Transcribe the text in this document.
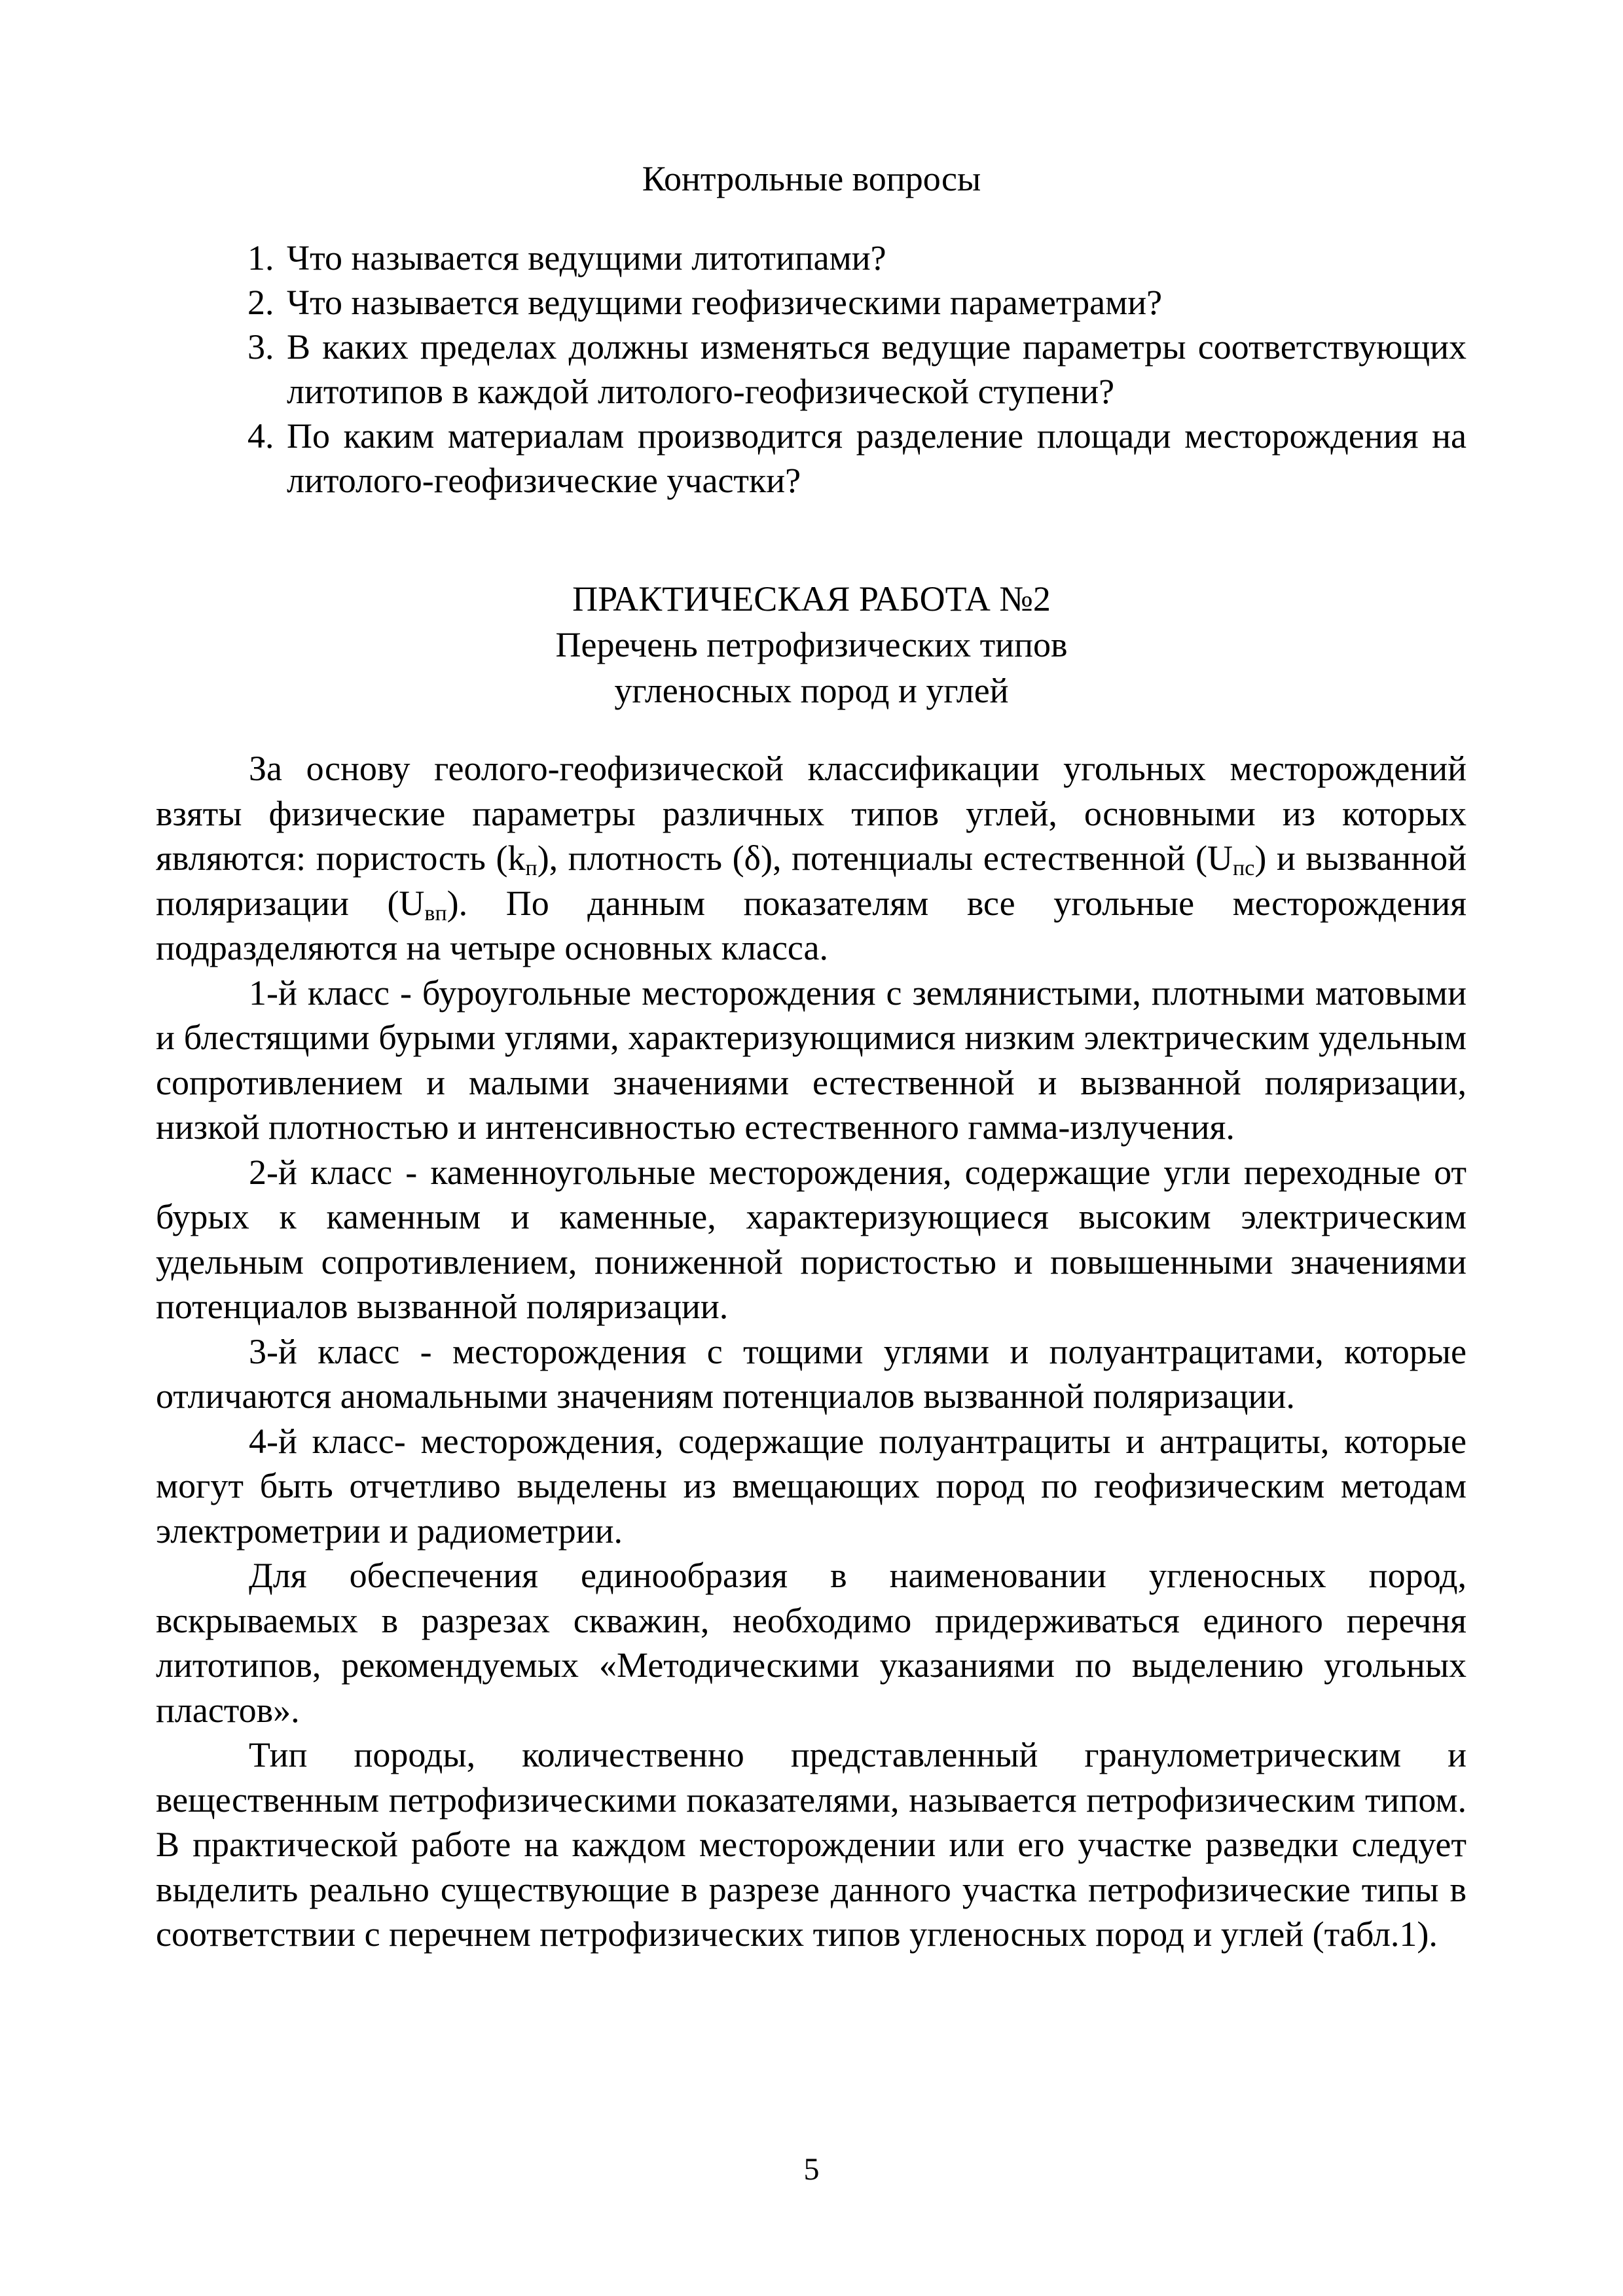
Контрольные вопросы
1. Что называется ведущими литотипами?
2. Что называется ведущими геофизическими параметрами?
3. В каких пределах должны изменяться ведущие параметры соответствующих литотипов в каждой литолого-геофизической ступени?
4. По каким материалам производится разделение площади месторождения на литолого-геофизические участки?
ПРАКТИЧЕСКАЯ РАБОТА №2
Перечень петрофизических типов
угленосных пород и углей

За основу геолого-геофизической классификации угольных месторождений взяты физические параметры различных типов углей, основными из которых являются: пористость $(k_п)$, плотность (δ), потенциалы естественной $(U_{пс})$ и вызванной поляризации $(U_{вп})$. По данным показателям все угольные месторождения подразделяются на четыре основных класса.

1-й класс - буроугольные месторождения с землянистыми, плотными матовыми и блестящими бурыми углями, характеризующимися низким электрическим удельным сопротивлением и малыми значениями естественной и вызванной поляризации, низкой плотностью и интенсивностью естественного гамма-излучения.

2-й класс - каменноугольные месторождения, содержащие угли переходные от бурых к каменным и каменные, характеризующиеся высоким электрическим удельным сопротивлением, пониженной пористостью и повышенными значениями потенциалов вызванной поляризации.

3-й класс - месторождения с тощими углями и полуантрацитами, которые отличаются аномальными значениям потенциалов вызванной поляризации.

4-й класс- месторождения, содержащие полуантрациты и антрациты, которые могут быть отчетливо выделены из вмещающих пород по геофизическим методам электрометрии и радиометрии.

Для обеспечения единообразия в наименовании угленосных пород, вскрываемых в разрезах скважин, необходимо придерживаться единого перечня литотипов, рекомендуемых «Методическими указаниями по выделению угольных пластов».

Тип породы, количественно представленный гранулометрическим и вещественным петрофизическими показателями, называется петрофизическим типом. В практической работе на каждом месторождении или его участке разведки следует выделить реально существующие в разрезе данного участка петрофизические типы в соответствии с перечнем петрофизических типов угленосных пород и углей (табл.1).

5
